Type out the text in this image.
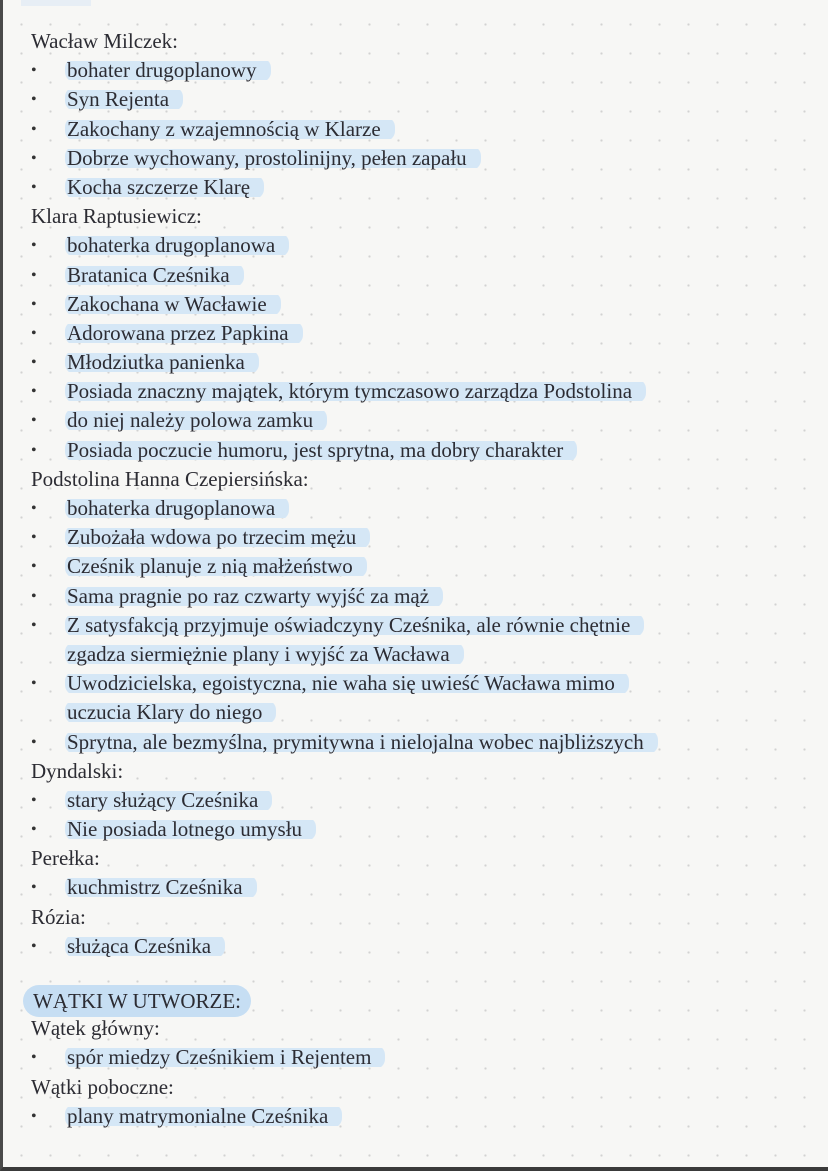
Wacław Milczek:
• bohater drugoplanowy
• Syn Rejenta
• Zakochany z wzajemnością w Klarze
• Dobrze wychowany, prostolinijny, pełen zapału
• Kocha szczerze Klarę
Klara Raptusiewicz:
• bohaterka drugoplanowa
• Bratanica Cześnika
• Zakochana w Wacławie
• Adorowana przez Papkina
• Młodziutka panienka
• Posiada znaczny majątek, którym tymczasowo zarządza Podstolina
• do niej należy polowa zamku
• Posiada poczucie humoru, jest sprytna, ma dobry charakter
Podstolina Hanna Czepiersińska:
• bohaterka drugoplanowa
• Zubożała wdowa po trzecim mężu
• Cześnik planuje z nią małżeństwo
• Sama pragnie po raz czwarty wyjść za mąż
• Z satysfakcją przyjmuje oświadczyny Cześnika, ale równie chętnie
zgadza siermiężnie plany i wyjść za Wacława
• Uwodzicielska, egoistyczna, nie waha się uwieść Wacława mimo
uczucia Klary do niego
• Sprytna, ale bezmyślna, prymitywna i nielojalna wobec najbliższych
Dyndalski:
• stary służący Cześnika
• Nie posiada lotnego umysłu
Perełka:
• kuchmistrz Cześnika
Rózia:
• służąca Cześnika
WĄTKI W UTWORZE:
Wątek główny:
• spór miedzy Cześnikiem i Rejentem
Wątki poboczne:
• plany matrymonialne Cześnika
